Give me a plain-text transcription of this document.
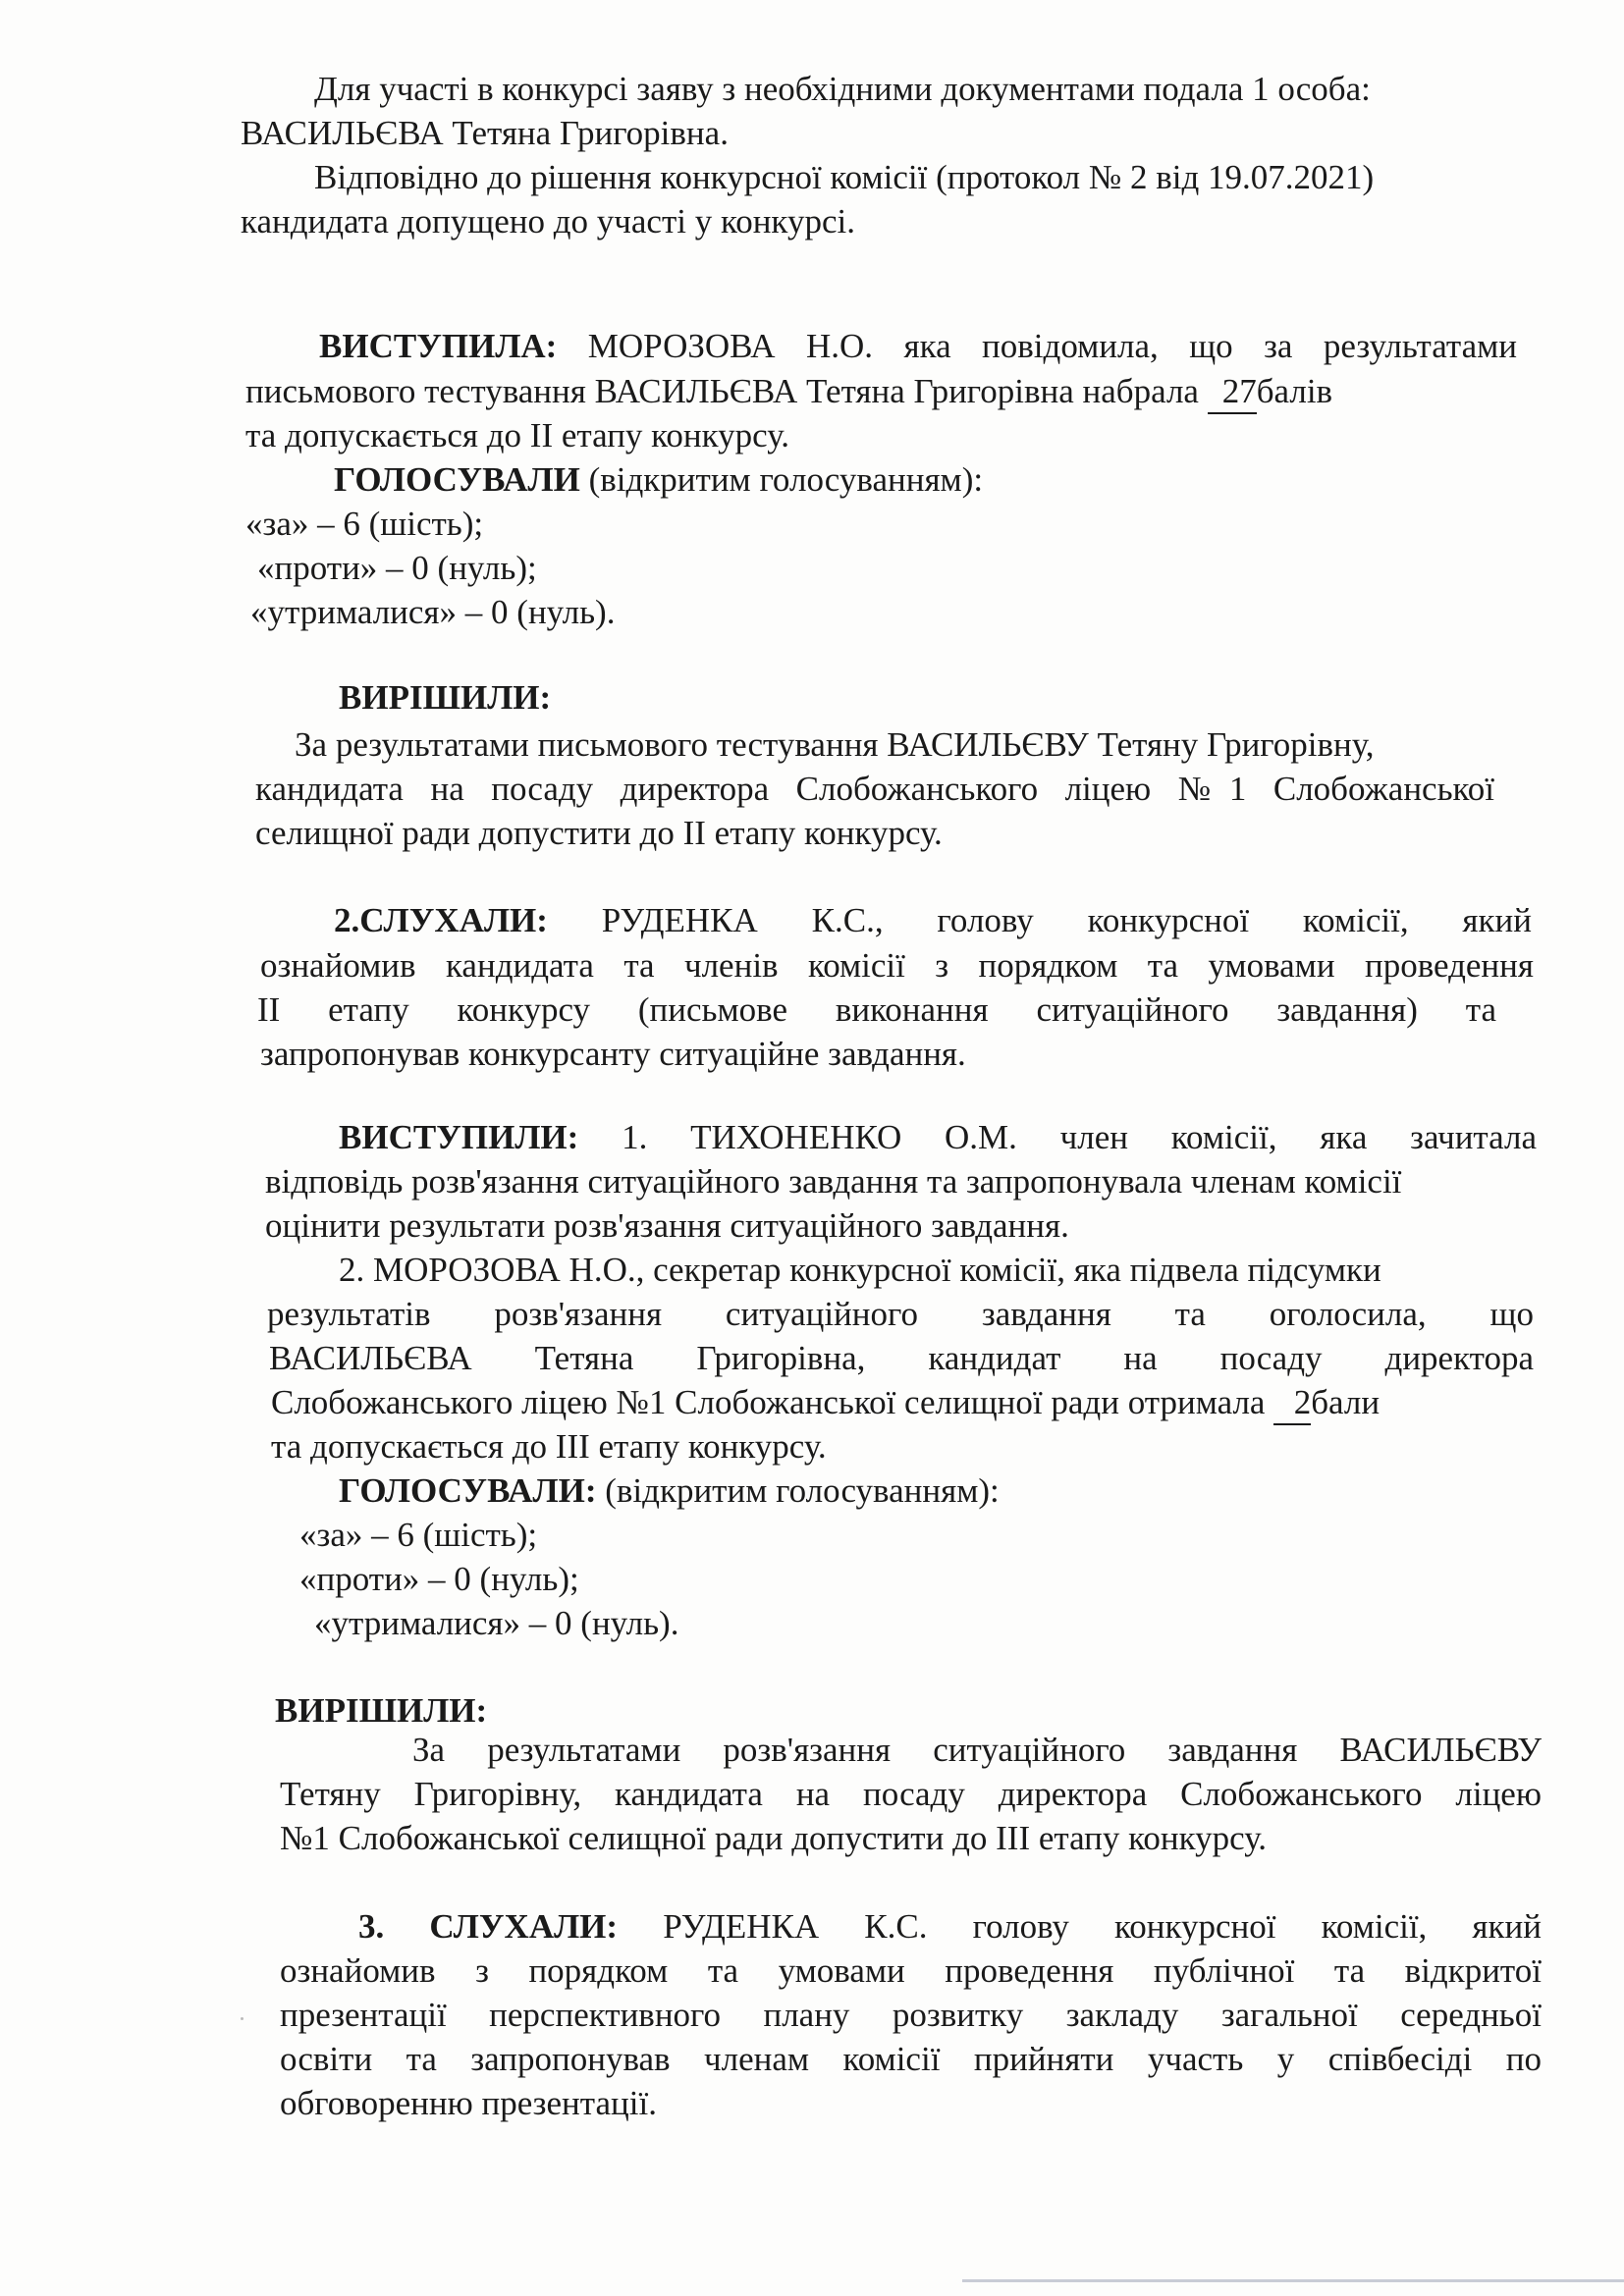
Для участі в конкурсі заяву з необхідними документами подала 1 особа:
ВАСИЛЬЄВА Тетяна Григорівна.
Відповідно до рішення конкурсної комісії (протокол № 2 від 19.07.2021)
кандидата допущено до участі у конкурсі.
ВИСТУПИЛА: МОРОЗОВА Н.О. яка повідомила, що за результатами
письмового тестування ВАСИЛЬЄВА Тетяна Григорівна набрала 27балів
та допускається до ІІ етапу конкурсу.
ГОЛОСУВАЛИ (відкритим голосуванням):
«за» – 6 (шість);
«проти» – 0 (нуль);
«утрималися» – 0 (нуль).
ВИРІШИЛИ:
За результатами письмового тестування ВАСИЛЬЄВУ Тетяну Григорівну,
кандидата на посаду директора Слобожанського ліцею №1 Слобожанської
селищної ради допустити до ІІ етапу конкурсу.
2.СЛУХАЛИ: РУДЕНКА К.С., голову конкурсної комісії, який
ознайомив кандидата та членів комісії з порядком та умовами проведення
ІІ етапу конкурсу (письмове виконання ситуаційного завдання) та
запропонував конкурсанту ситуаційне завдання.
ВИСТУПИЛИ: 1. ТИХОНЕНКО О.М. член комісії, яка зачитала
відповідь розв'язання ситуаційного завдання та запропонувала членам комісії
оцінити результати розв'язання ситуаційного завдання.
2. МОРОЗОВА Н.О., секретар конкурсної комісії, яка підвела підсумки
результатів розв'язання ситуаційного завдання та оголосила, що
ВАСИЛЬЄВА Тетяна Григорівна, кандидат на посаду директора
Слобожанського ліцею №1 Слобожанської селищної ради отримала 2бали
та допускається до ІІІ етапу конкурсу.
ГОЛОСУВАЛИ: (відкритим голосуванням):
«за» – 6 (шість);
«проти» – 0 (нуль);
«утрималися» – 0 (нуль).
ВИРІШИЛИ:
За результатами розв'язання ситуаційного завдання ВАСИЛЬЄВУ
Тетяну Григорівну, кандидата на посаду директора Слобожанського ліцею
№1 Слобожанської селищної ради допустити до ІІІ етапу конкурсу.
3. СЛУХАЛИ: РУДЕНКА К.С. голову конкурсної комісії, який
ознайомив з порядком та умовами проведення публічної та відкритої
презентації перспективного плану розвитку закладу загальної середньої
освіти та запропонував членам комісії прийняти участь у співбесіді по
обговоренню презентації.
